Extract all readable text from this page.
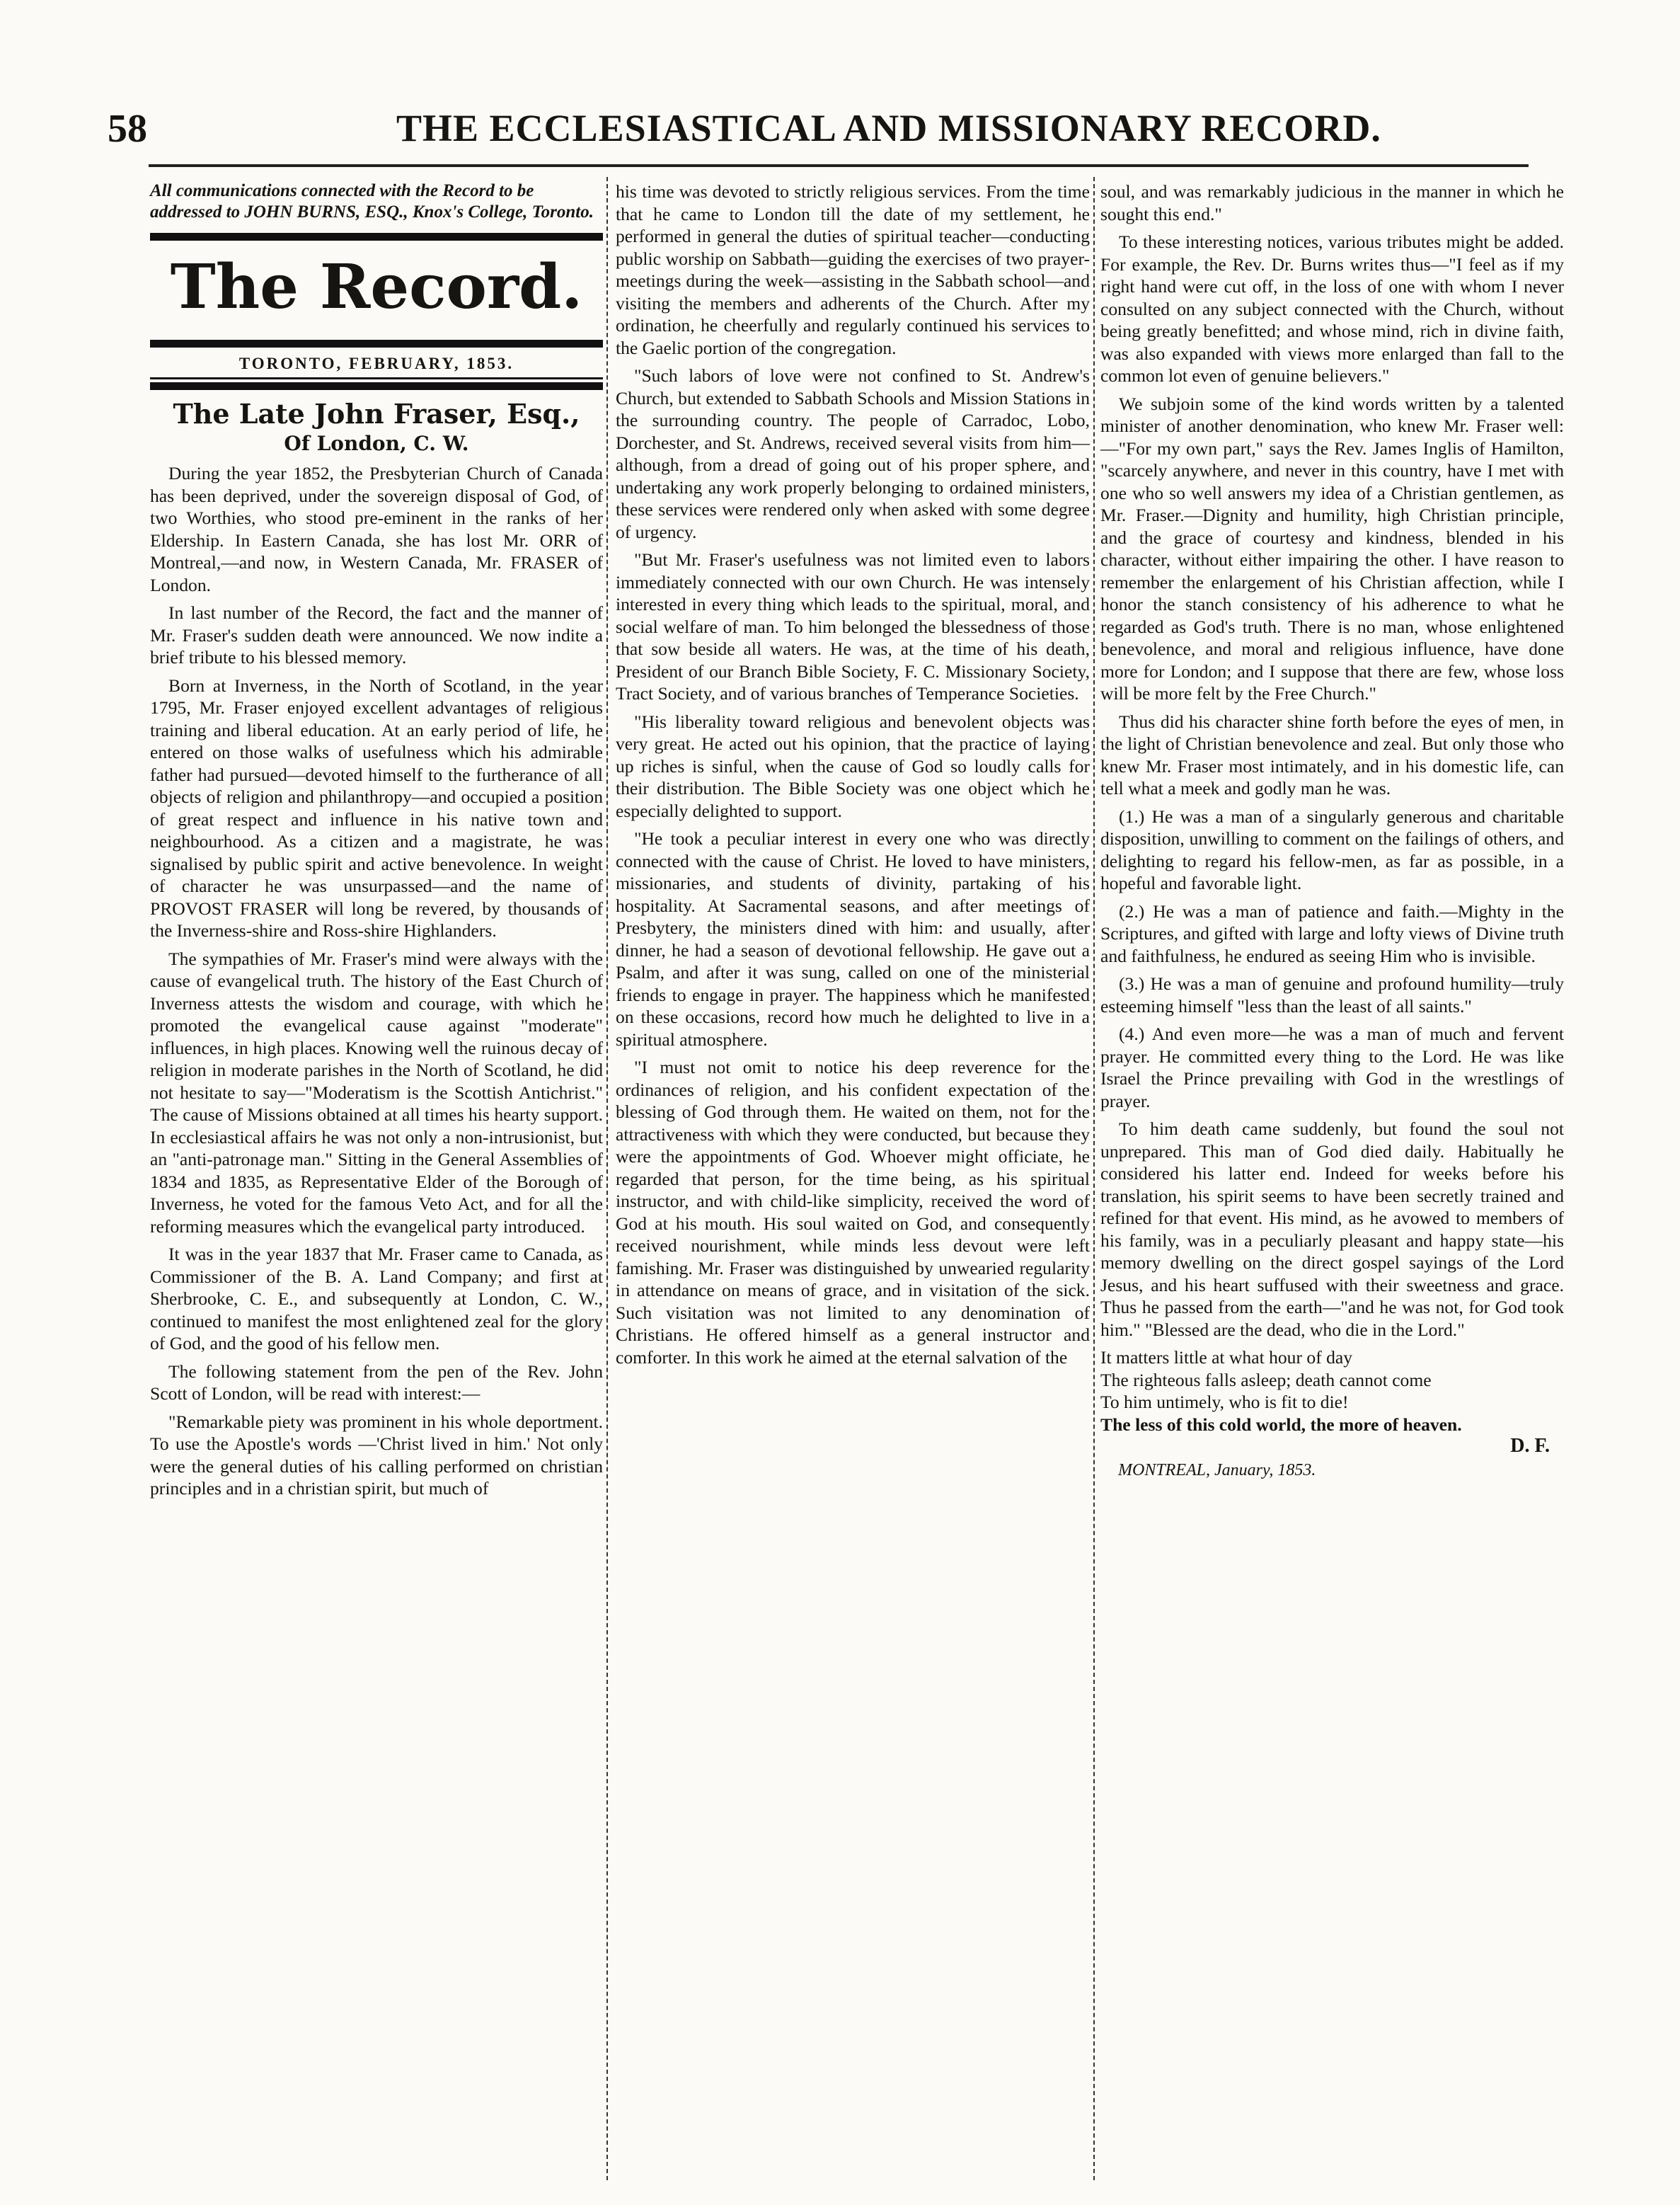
58	THE ECCLESIASTICAL AND MISSIONARY RECORD.

All communications connected with the Record to be addressed to JOHN BURNS, ESQ., Knox's College, Toronto.

The Record.
TORONTO, FEBRUARY, 1853.
The Late John Fraser, Esq.,
Of London, C. W.

During the year 1852, the Presbyterian Church of Canada has been deprived, under the sovereign disposal of God, of two Worthies, who stood pre-eminent in the ranks of her Eldership. In Eastern Canada, she has lost Mr. ORR of Montreal,—and now, in Western Canada, Mr. FRASER of London.

In last number of the Record, the fact and the manner of Mr. Fraser's sudden death were announced. We now indite a brief tribute to his blessed memory.

Born at Inverness, in the North of Scotland, in the year 1795, Mr. Fraser enjoyed excellent advantages of religious training and liberal education. At an early period of life, he entered on those walks of usefulness which his admirable father had pursued—devoted himself to the furtherance of all objects of religion and philanthropy—and occupied a position of great respect and influence in his native town and neighbourhood. As a citizen and a magistrate, he was signalised by public spirit and active benevolence. In weight of character he was unsurpassed—and the name of PROVOST FRASER will long be revered, by thousands of the Inverness-shire and Ross-shire Highlanders.

The sympathies of Mr. Fraser's mind were always with the cause of evangelical truth. The history of the East Church of Inverness attests the wisdom and courage, with which he promoted the evangelical cause against "moderate" influences, in high places. Knowing well the ruinous decay of religion in moderate parishes in the North of Scotland, he did not hesitate to say—"Moderatism is the Scottish Antichrist." The cause of Missions obtained at all times his hearty support. In ecclesiastical affairs he was not only a non-intrusionist, but an "anti-patronage man." Sitting in the General Assemblies of 1834 and 1835, as Representative Elder of the Borough of Inverness, he voted for the famous Veto Act, and for all the reforming measures which the evangelical party introduced.

It was in the year 1837 that Mr. Fraser came to Canada, as Commissioner of the B. A. Land Company; and first at Sherbrooke, C. E., and subsequently at London, C. W., continued to manifest the most enlightened zeal for the glory of God, and the good of his fellow men.

The following statement from the pen of the Rev. John Scott of London, will be read with interest:—

"Remarkable piety was prominent in his whole deportment. To use the Apostle's words —'Christ lived in him.' Not only were the general duties of his calling performed on christian principles and in a christian spirit, but much of

his time was devoted to strictly religious services. From the time that he came to London till the date of my settlement, he performed in general the duties of spiritual teacher—conducting public worship on Sabbath—guiding the exercises of two prayer-meetings during the week—assisting in the Sabbath school—and visiting the members and adherents of the Church. After my ordination, he cheerfully and regularly continued his services to the Gaelic portion of the congregation.

"Such labors of love were not confined to St. Andrew's Church, but extended to Sabbath Schools and Mission Stations in the surrounding country. The people of Carradoc, Lobo, Dorchester, and St. Andrews, received several visits from him—although, from a dread of going out of his proper sphere, and undertaking any work properly belonging to ordained ministers, these services were rendered only when asked with some degree of urgency.

"But Mr. Fraser's usefulness was not limited even to labors immediately connected with our own Church. He was intensely interested in every thing which leads to the spiritual, moral, and social welfare of man. To him belonged the blessedness of those that sow beside all waters. He was, at the time of his death, President of our Branch Bible Society, F. C. Missionary Society, Tract Society, and of various branches of Temperance Societies.

"His liberality toward religious and benevolent objects was very great. He acted out his opinion, that the practice of laying up riches is sinful, when the cause of God so loudly calls for their distribution. The Bible Society was one object which he especially delighted to support.

"He took a peculiar interest in every one who was directly connected with the cause of Christ. He loved to have ministers, missionaries, and students of divinity, partaking of his hospitality. At Sacramental seasons, and after meetings of Presbytery, the ministers dined with him: and usually, after dinner, he had a season of devotional fellowship. He gave out a Psalm, and after it was sung, called on one of the ministerial friends to engage in prayer. The happiness which he manifested on these occasions, record how much he delighted to live in a spiritual atmosphere.

"I must not omit to notice his deep reverence for the ordinances of religion, and his confident expectation of the blessing of God through them. He waited on them, not for the attractiveness with which they were conducted, but because they were the appointments of God. Whoever might officiate, he regarded that person, for the time being, as his spiritual instructor, and with child-like simplicity, received the word of God at his mouth. His soul waited on God, and consequently received nourishment, while minds less devout were left famishing. Mr. Fraser was distinguished by unwearied regularity in attendance on means of grace, and in visitation of the sick. Such visitation was not limited to any denomination of Christians. He offered himself as a general instructor and comforter. In this work he aimed at the eternal salvation of the

soul, and was remarkably judicious in the manner in which he sought this end."

To these interesting notices, various tributes might be added. For example, the Rev. Dr. Burns writes thus—"I feel as if my right hand were cut off, in the loss of one with whom I never consulted on any subject connected with the Church, without being greatly benefitted; and whose mind, rich in divine faith, was also expanded with views more enlarged than fall to the common lot even of genuine believers."

We subjoin some of the kind words written by a talented minister of another denomination, who knew Mr. Fraser well:—"For my own part," says the Rev. James Inglis of Hamilton, "scarcely anywhere, and never in this country, have I met with one who so well answers my idea of a Christian gentlemen, as Mr. Fraser.—Dignity and humility, high Christian principle, and the grace of courtesy and kindness, blended in his character, without either impairing the other. I have reason to remember the enlargement of his Christian affection, while I honor the stanch consistency of his adherence to what he regarded as God's truth. There is no man, whose enlightened benevolence, and moral and religious influence, have done more for London; and I suppose that there are few, whose loss will be more felt by the Free Church."

Thus did his character shine forth before the eyes of men, in the light of Christian benevolence and zeal. But only those who knew Mr. Fraser most intimately, and in his domestic life, can tell what a meek and godly man he was.

(1.) He was a man of a singularly generous and charitable disposition, unwilling to comment on the failings of others, and delighting to regard his fellow-men, as far as possible, in a hopeful and favorable light.

(2.) He was a man of patience and faith.—Mighty in the Scriptures, and gifted with large and lofty views of Divine truth and faithfulness, he endured as seeing Him who is invisible.

(3.) He was a man of genuine and profound humility—truly esteeming himself "less than the least of all saints."

(4.) And even more—he was a man of much and fervent prayer. He committed every thing to the Lord. He was like Israel the Prince prevailing with God in the wrestlings of prayer.

To him death came suddenly, but found the soul not unprepared. This man of God died daily. Habitually he considered his latter end. Indeed for weeks before his translation, his spirit seems to have been secretly trained and refined for that event. His mind, as he avowed to members of his family, was in a peculiarly pleasant and happy state—his memory dwelling on the direct gospel sayings of the Lord Jesus, and his heart suffused with their sweetness and grace. Thus he passed from the earth—"and he was not, for God took him." "Blessed are the dead, who die in the Lord."

It matters little at what hour of day

The righteous falls asleep; death cannot come

To him untimely, who is fit to die!

The less of this cold world, the more of heaven.

D. F.

MONTREAL, January, 1853.
